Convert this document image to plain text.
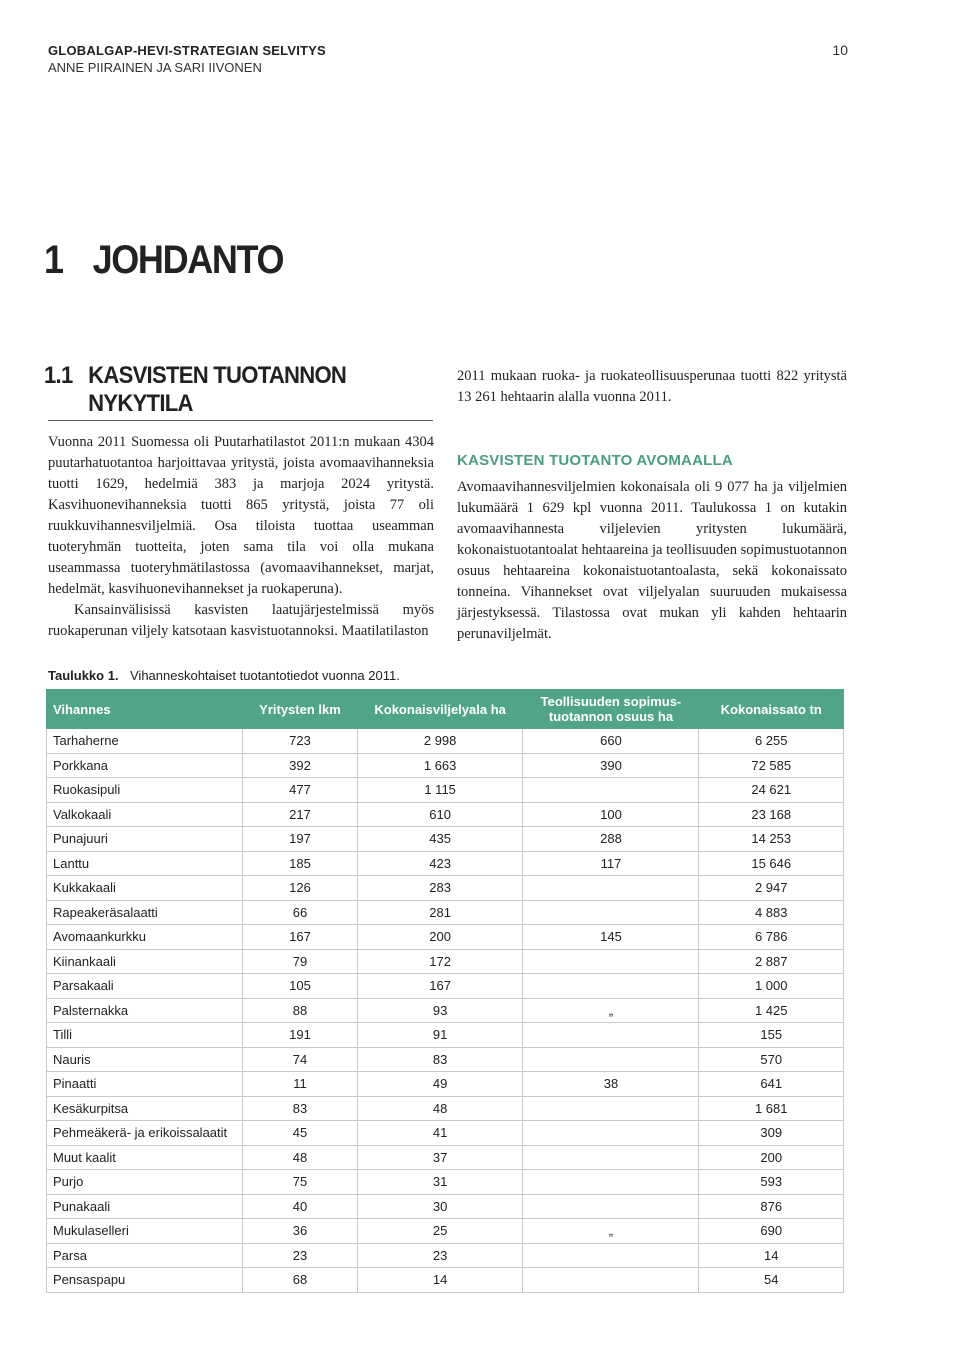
GLOBALGAP-HEVI-STRATEGIAN SELVITYS
ANNE PIIRAINEN JA SARI IIVONEN
10
1 JOHDANTO
1.1 KASVISTEN TUOTANNON NYKYTILA

Vuonna 2011 Suomessa oli Puutarhatilastot 2011:n mukaan 4304 puutarhatuotantoa harjoittavaa yritystä, joista avomaavihanneksia tuotti 1629, hedelmiä 383 ja marjoja 2024 yritystä. Kasvihuonevihanneksia tuotti 865 yritystä, joista 77 oli ruukkuvihannesviljelmiä. Osa tiloista tuottaa useamman tuoteryhmän tuotteita, joten sama tila voi olla mukana useammassa tuoteryhmätilastossa (avomaavihannekset, marjat, hedelmät, kasvihuonevihannekset ja ruokaperuna).

Kansainvälisissä kasvisten laatujärjestelmissä myös ruokaperunan viljely katsotaan kasvistuotannoksi. Maatilatilaston

2011 mukaan ruoka- ja ruokateollisuusperunaa tuotti 822 yritystä 13 261 hehtaarin alalla vuonna 2011.

KASVISTEN TUOTANTO AVOMAALLA

Avomaavihannesviljelmien kokonaisala oli 9 077 ha ja viljelmien lukumäärä 1 629 kpl vuonna 2011. Taulukossa 1 on kutakin avomaavihannesta viljelevien yritysten lukumäärä, kokonaistuotantoalat hehtaareina ja teollisuuden sopimustuotannon osuus hehtaareina kokonaistuotantoalasta, sekä kokonaissato tonneina. Vihannekset ovat viljelyalan suuruuden mukaisessa järjestyksessä. Tilastossa ovat mukan yli kahden hehtaarin perunaviljelmät.

Taulukko 1. Vihanneskohtaiset tuotantotiedot vuonna 2011.
Vihannes	Yritysten lkm	Kokonaisviljelyala ha	Teollisuuden sopimus-tuotannon osuus ha	Kokonaissato tn
Tarhaherne	723	2 998	660	6 255
Porkkana	392	1 663	390	72 585
Ruokasipuli	477	1 115		24 621
Valkokaali	217	610	100	23 168
Punajuuri	197	435	288	14 253
Lanttu	185	423	117	15 646
Kukkakaali	126	283		2 947
Rapeakeräsalaatti	66	281		4 883
Avomaankurkku	167	200	145	6 786
Kiinankaali	79	172		2 887
Parsakaali	105	167		1 000
Palsternakka	88	93	„	1 425
Tilli	191	91		155
Nauris	74	83		570
Pinaatti	11	49	38	641
Kesäkurpitsa	83	48		1 681
Pehmeäkerä- ja erikoissalaatit	45	41		309
Muut kaalit	48	37		200
Purjo	75	31		593
Punakaali	40	30		876
Mukulaselleri	36	25	„	690
Parsa	23	23		14
Pensaspapu	68	14		54
